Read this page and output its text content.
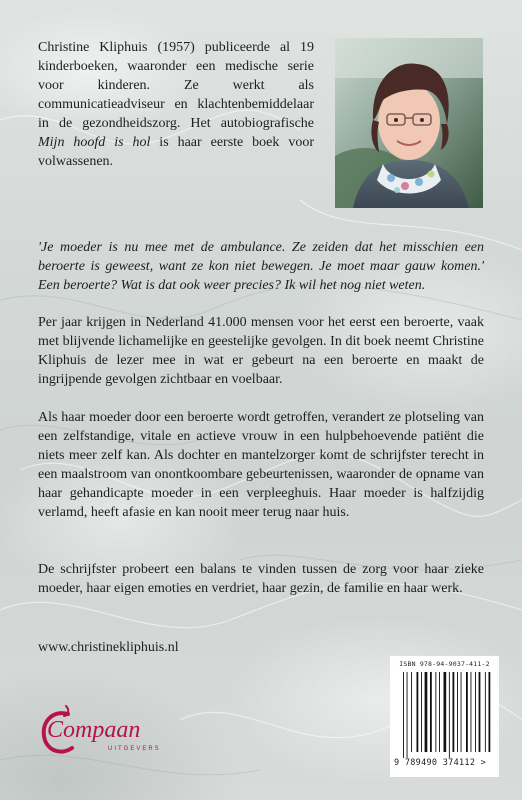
Christine Kliphuis (1957) publiceerde al 19 kinderboeken, waaronder een medische serie voor kinderen. Ze werkt als communicatieadviseur en klachtenbemiddelaar in de gezondheidszorg. Het autobiografische Mijn hoofd is hol is haar eerste boek voor volwassenen.
'Je moeder is nu mee met de ambulance. Ze zeiden dat het misschien een beroerte is geweest, want ze kon niet bewegen. Je moet maar gauw komen.' Een beroerte? Wat is dat ook weer precies? Ik wil het nog niet weten.
Per jaar krijgen in Nederland 41.000 mensen voor het eerst een beroerte, vaak met blijvende lichamelijke en geestelijke gevolgen. In dit boek neemt Christine Kliphuis de lezer mee in wat er gebeurt na een beroerte en maakt de ingrijpende gevolgen zichtbaar en voelbaar.
Als haar moeder door een beroerte wordt getroffen, verandert ze plotseling van een zelfstandige, vitale en actieve vrouw in een hulpbehoevende patiënt die niets meer zelf kan. Als dochter en mantelzorger komt de schrijfster terecht in een maalstroom van onontkoombare gebeurtenissen, waaronder de opname van haar gehandicapte moeder in een verpleeghuis. Haar moeder is halfzijdig verlamd, heeft afasie en kan nooit meer terug naar huis.
De schrijfster probeert een balans te vinden tussen de zorg voor haar zieke moeder, haar eigen emoties en verdriet, haar gezin, de familie en haar werk.
www.christinekliphuis.nl
Compaan
UITGEVERS
ISBN 978-94-9037-411-2
9 789490 374112 >
